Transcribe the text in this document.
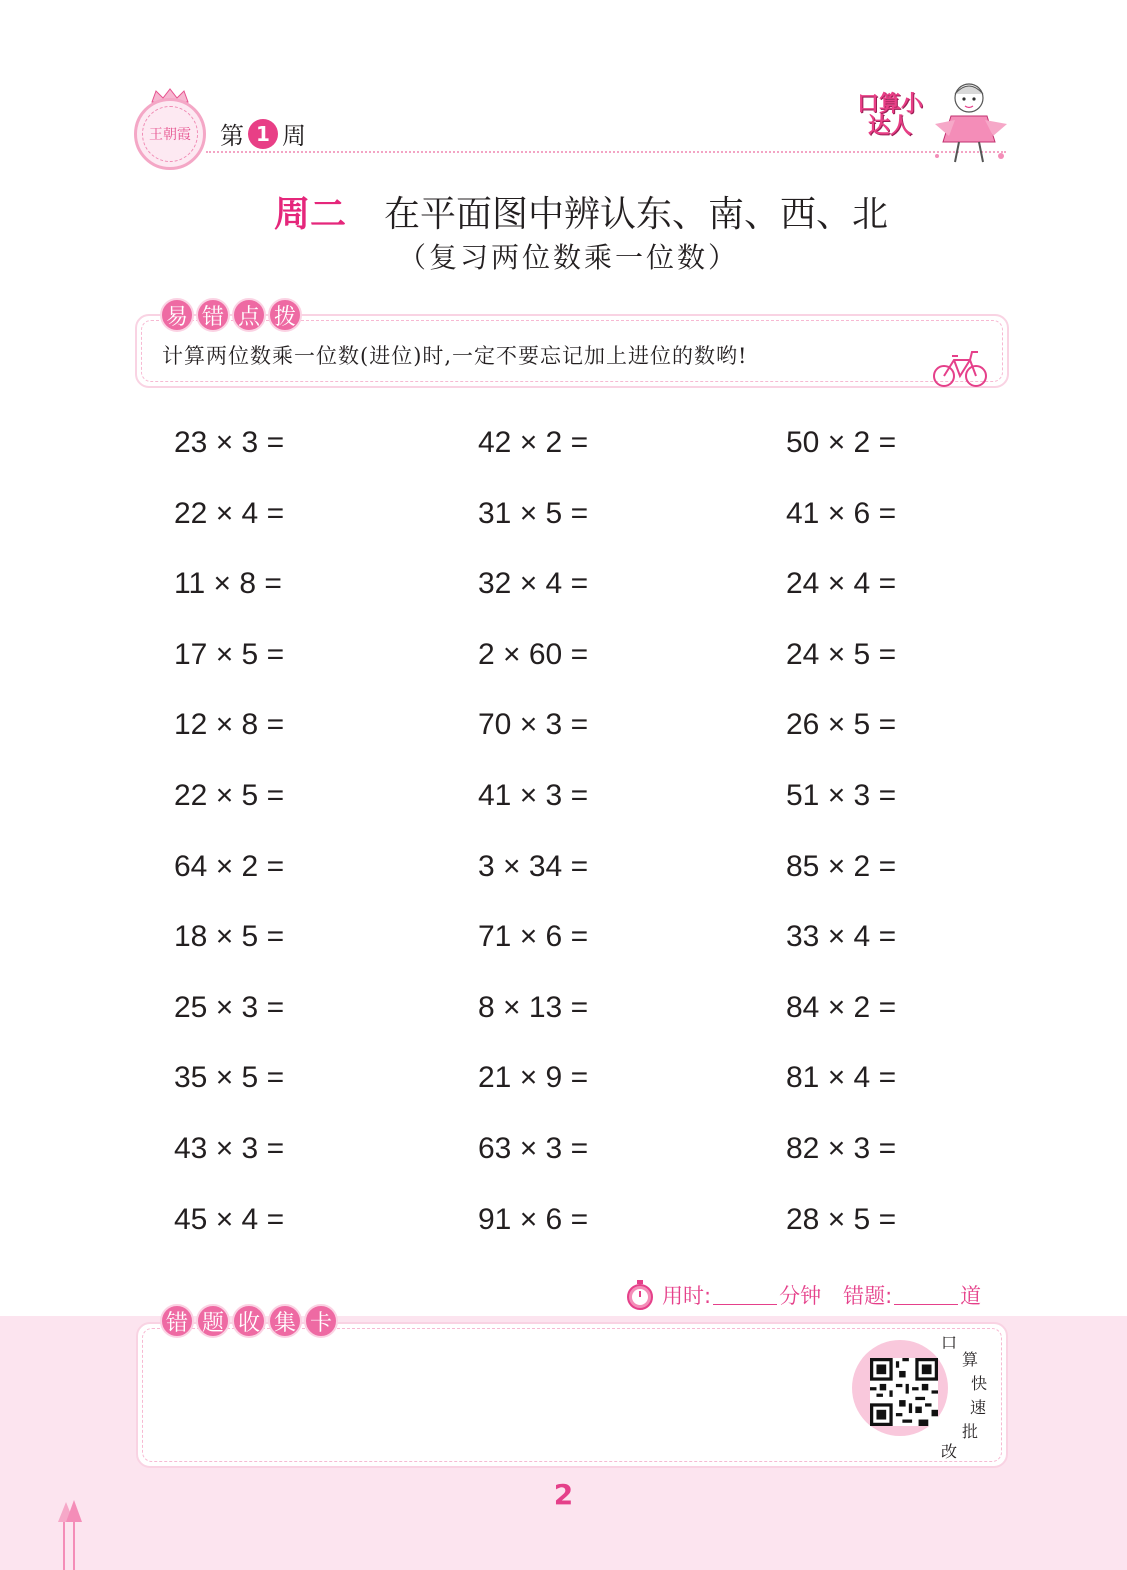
王朝霞 第 1 周
口算小达人
周二 在平面图中辨认东、南、西、北
（复习两位数乘一位数）
易 错 点 拨
计算两位数乘一位数(进位)时,一定不要忘记加上进位的数哟!
23 × 3 =
22 × 4 =
11 × 8 =
17 × 5 =
12 × 8 =
22 × 5 =
64 × 2 =
18 × 5 =
25 × 3 =
35 × 5 =
43 × 3 =
45 × 4 =
42 × 2 =
31 × 5 =
32 × 4 =
2 × 60 =
70 × 3 =
41 × 3 =
3 × 34 =
71 × 6 =
8 × 13 =
21 × 9 =
63 × 3 =
91 × 6 =
50 × 2 =
41 × 6 =
24 × 4 =
24 × 5 =
26 × 5 =
51 × 3 =
85 × 2 =
33 × 4 =
84 × 2 =
81 × 4 =
82 × 3 =
28 × 5 =
用时:	分钟 错题:	道
错 题 收 集 卡
口
算
快
速
批
改
2
